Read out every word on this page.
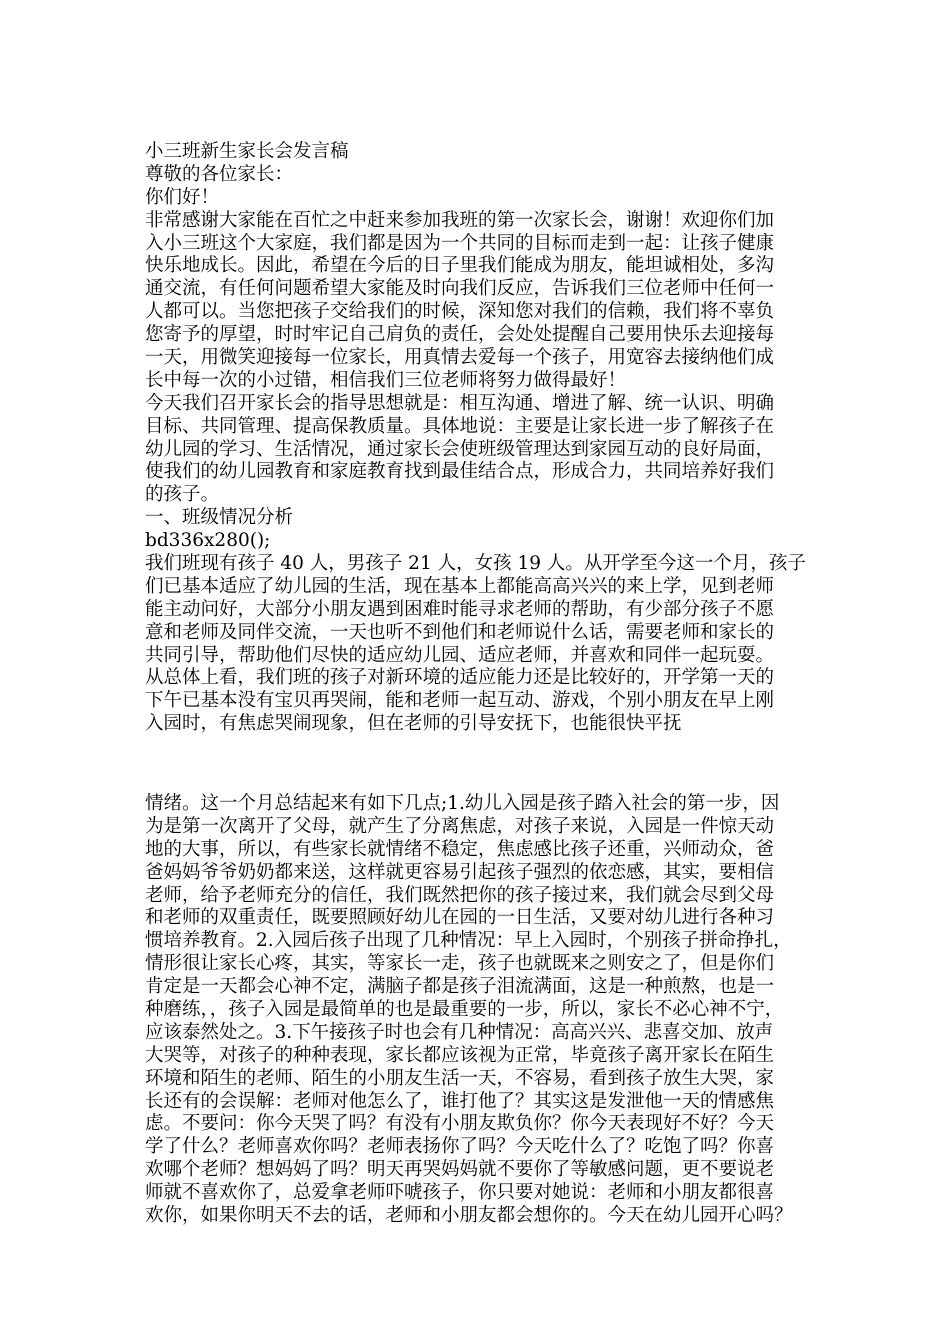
小三班新生家长会发言稿
尊敬的各位家长：
你们好！
非常感谢大家能在百忙之中赶来参加我班的第一次家长会，谢谢！欢迎你们加
入小三班这个大家庭，我们都是因为一个共同的目标而走到一起：让孩子健康
快乐地成长。因此，希望在今后的日子里我们能成为朋友，能坦诚相处，多沟
通交流，有任何问题希望大家能及时向我们反应，告诉我们三位老师中任何一
人都可以。当您把孩子交给我们的时候，深知您对我们的信赖，我们将不辜负
您寄予的厚望，时时牢记自己肩负的责任，会处处提醒自己要用快乐去迎接每
一天，用微笑迎接每一位家长，用真情去爱每一个孩子，用宽容去接纳他们成
长中每一次的小过错，相信我们三位老师将努力做得最好！
今天我们召开家长会的指导思想就是：相互沟通、增进了解、统一认识、明确
目标、共同管理、提高保教质量。具体地说：主要是让家长进一步了解孩子在
幼儿园的学习、生活情况，通过家长会使班级管理达到家园互动的良好局面，
使我们的幼儿园教育和家庭教育找到最佳结合点，形成合力，共同培养好我们
的孩子。
一、班级情况分析
bd336x280();
我们班现有孩子 40 人，男孩子 21 人，女孩 19 人。从开学至今这一个月，孩子
们已基本适应了幼儿园的生活，现在基本上都能高高兴兴的来上学，见到老师
能主动问好，大部分小朋友遇到困难时能寻求老师的帮助，有少部分孩子不愿
意和老师及同伴交流，一天也听不到他们和老师说什么话，需要老师和家长的
共同引导，帮助他们尽快的适应幼儿园、适应老师，并喜欢和同伴一起玩耍。
从总体上看，我们班的孩子对新环境的适应能力还是比较好的，开学第一天的
下午已基本没有宝贝再哭闹，能和老师一起互动、游戏，个别小朋友在早上刚
入园时，有焦虑哭闹现象，但在老师的引导安抚下，也能很快平抚
情绪。这一个月总结起来有如下几点;1.幼儿入园是孩子踏入社会的第一步，因
为是第一次离开了父母，就产生了分离焦虑，对孩子来说，入园是一件惊天动
地的大事，所以，有些家长就情绪不稳定，焦虑感比孩子还重，兴师动众，爸
爸妈妈爷爷奶奶都来送，这样就更容易引起孩子强烈的依恋感，其实，要相信
老师，给予老师充分的信任，我们既然把你的孩子接过来，我们就会尽到父母
和老师的双重责任，既要照顾好幼儿在园的一日生活，又要对幼儿进行各种习
惯培养教育。2.入园后孩子出现了几种情况：早上入园时，个别孩子拼命挣扎，
情形很让家长心疼，其实，等家长一走，孩子也就既来之则安之了，但是你们
肯定是一天都会心神不定，满脑子都是孩子泪流满面，这是一种煎熬，也是一
种磨练，，孩子入园是最简单的也是最重要的一步，所以，家长不必心神不宁，
应该泰然处之。3.下午接孩子时也会有几种情况：高高兴兴、悲喜交加、放声
大哭等，对孩子的种种表现，家长都应该视为正常，毕竟孩子离开家长在陌生
环境和陌生的老师、陌生的小朋友生活一天，不容易，看到孩子放生大哭，家
长还有的会误解：老师对他怎么了，谁打他了？其实这是发泄他一天的情感焦
虑。不要问：你今天哭了吗？有没有小朋友欺负你？你今天表现好不好？今天
学了什么？老师喜欢你吗？老师表扬你了吗？今天吃什么了？吃饱了吗？你喜
欢哪个老师？想妈妈了吗？明天再哭妈妈就不要你了等敏感问题，更不要说老
师就不喜欢你了，总爱拿老师吓唬孩子，你只要对她说：老师和小朋友都很喜
欢你，如果你明天不去的话，老师和小朋友都会想你的。今天在幼儿园开心吗？
